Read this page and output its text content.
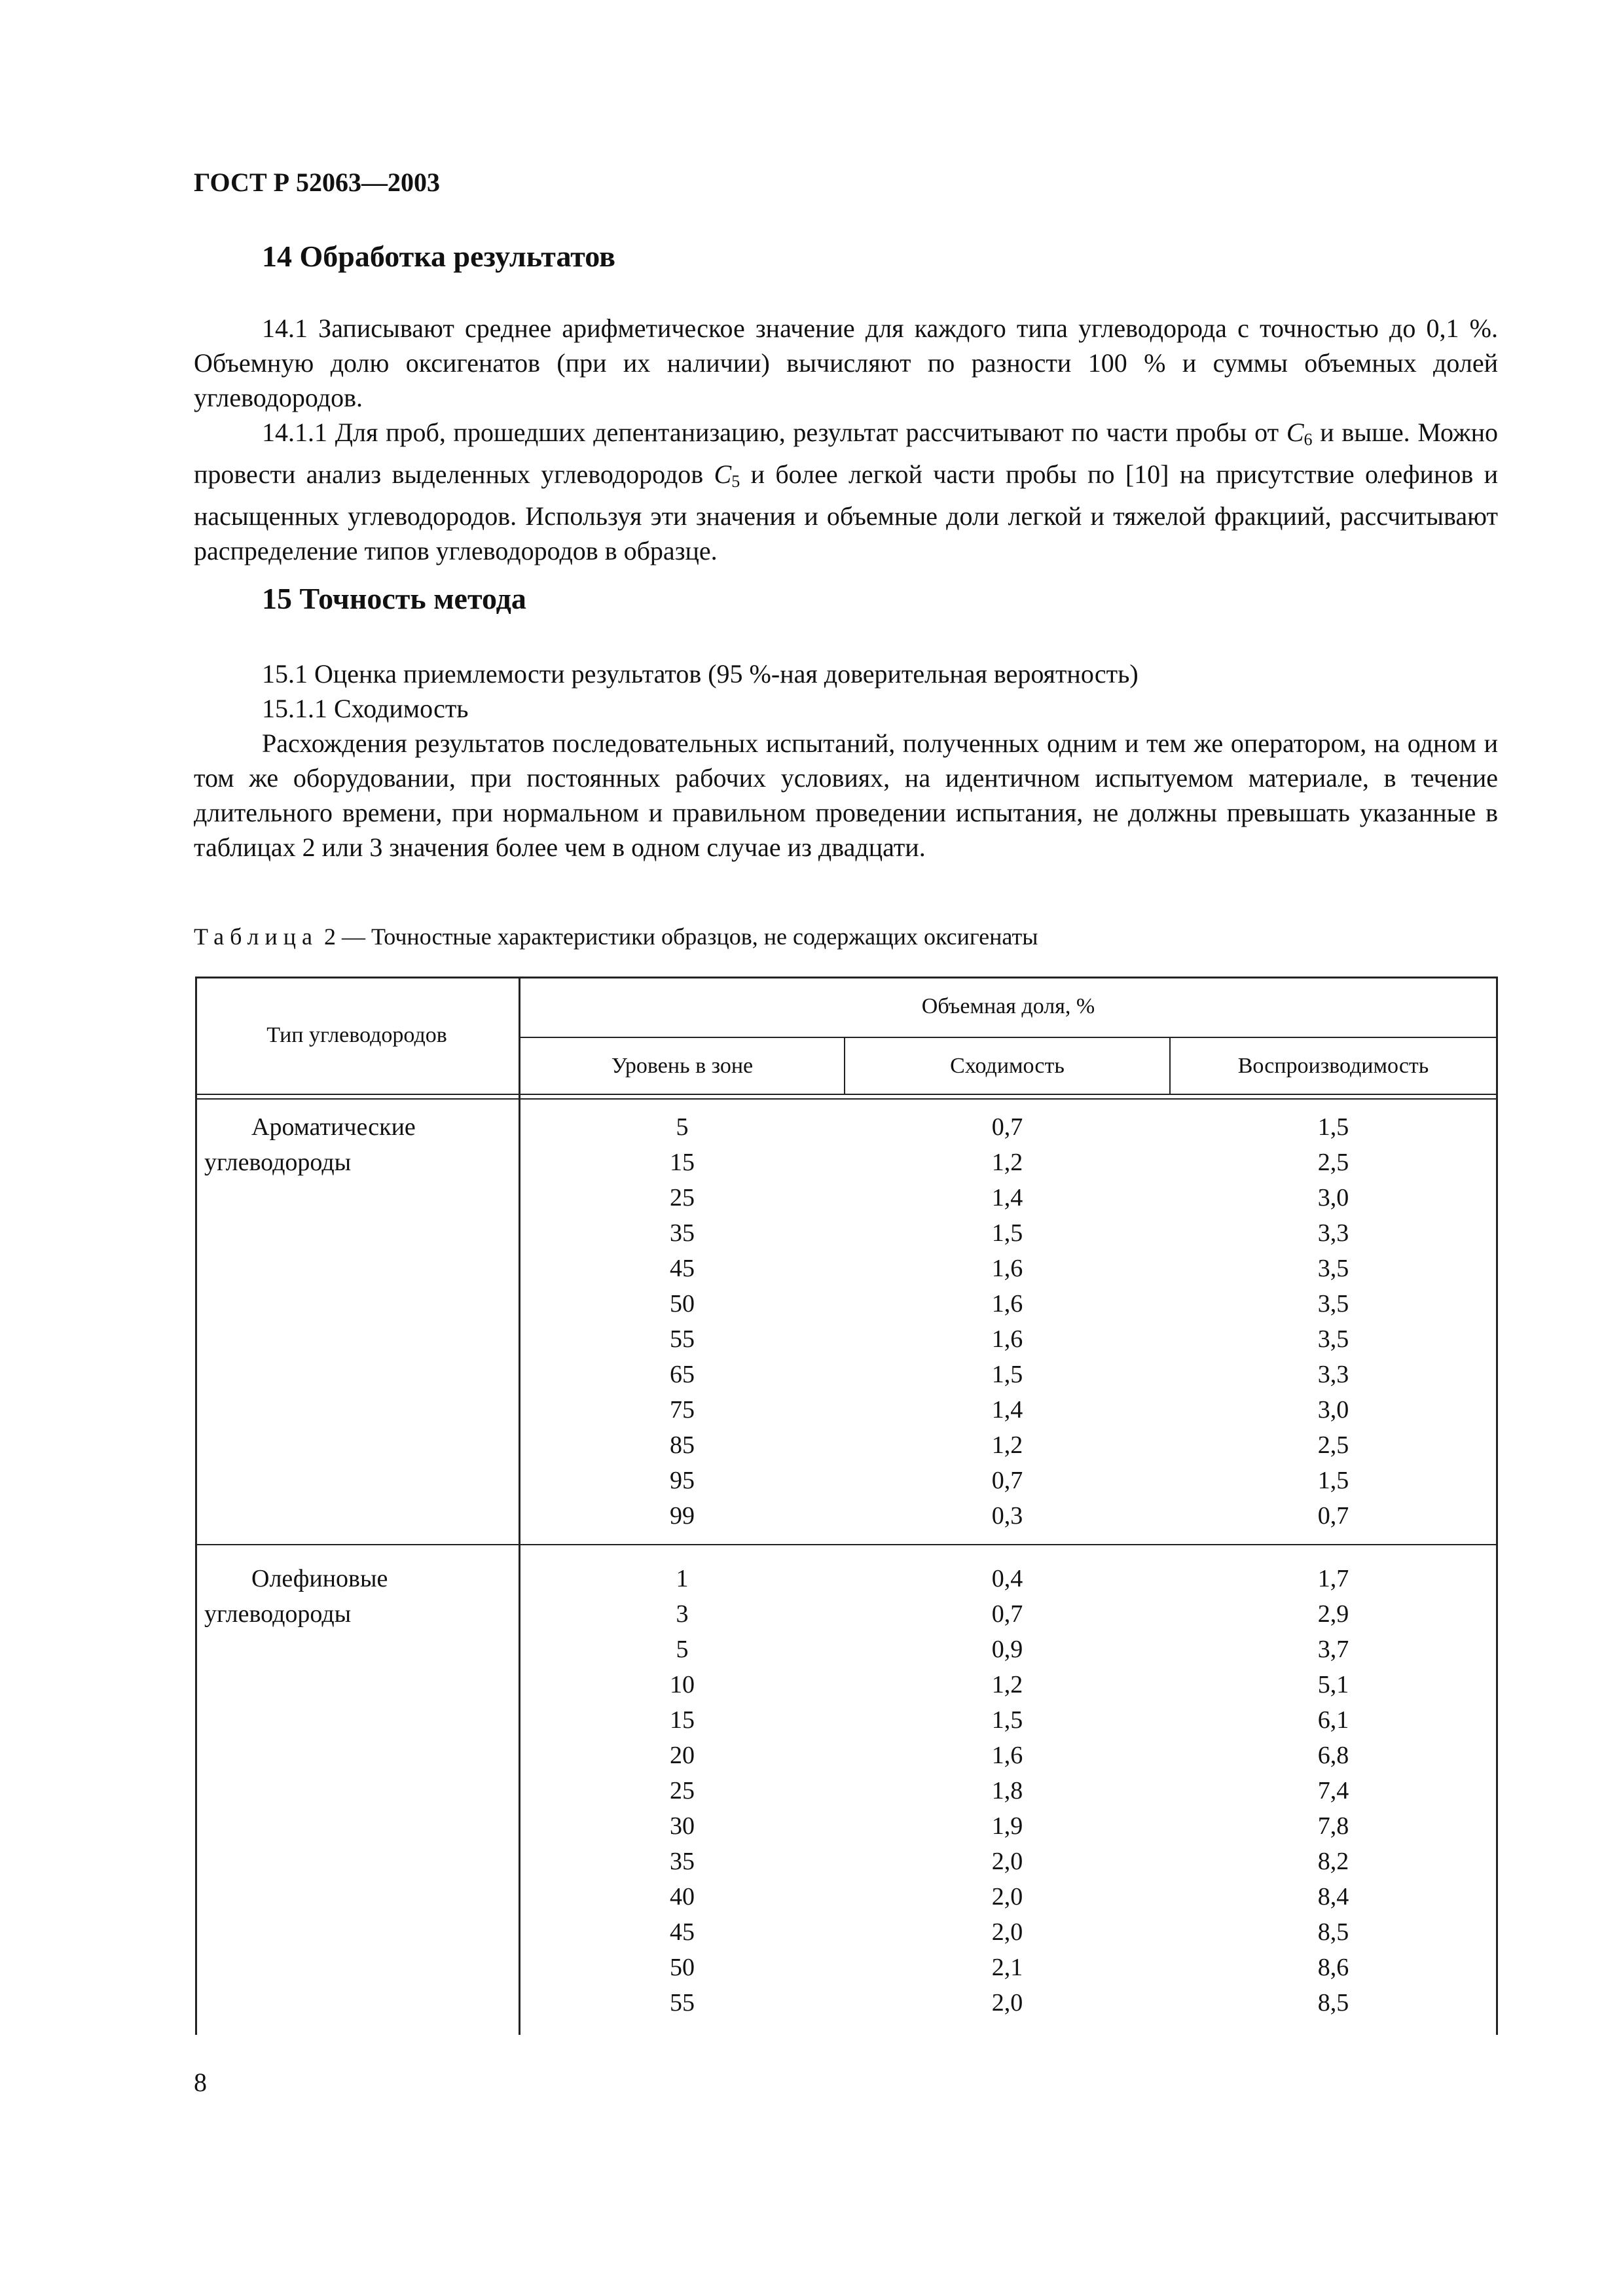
ГОСТ Р 52063—2003
14 Обработка результатов

14.1 Записывают среднее арифметическое значение для каждого типа углеводорода с точностью до 0,1 %. Объемную долю оксигенатов (при их наличии) вычисляют по разности 100 % и суммы объемных долей углеводородов.

14.1.1 Для проб, прошедших депентанизацию, результат рассчитывают по части пробы от $C_6$ и выше. Можно провести анализ выделенных углеводородов $C_5$ и более легкой части пробы по [10] на присутствие олефинов и насыщенных углеводородов. Используя эти значения и объемные доли легкой и тяжелой фракциий, рассчитывают распределение типов углеводородов в образце.

15 Точность метода
15.1 Оценка приемлемости результатов (95 %-ная доверительная вероятность)
15.1.1 Сходимость

Расхождения результатов последовательных испытаний, полученных одним и тем же оператором, на одном и том же оборудовании, при постоянных рабочих условиях, на идентичном испытуемом материале, в течение длительного времени, при нормальном и правильном проведении испытания, не должны превышать указанные в таблицах 2 или 3 значения более чем в одном случае из двадцати.

Таблица 2 — Точностные характеристики образцов, не содержащих оксигенаты
Тип углеводородов
Объемная доля, %
Уровень в зоне	Сходимость	Воспроизводимость
Ароматические
углеводороды
5
15
25
35
45
50
55
65
75
85
95
99
0,7
1,2
1,4
1,5
1,6
1,6
1,6
1,5
1,4
1,2
0,7
0,3
1,5
2,5
3,0
3,3
3,5
3,5
3,5
3,3
3,0
2,5
1,5
0,7
Олефиновые
углеводороды
1
3
5
10
15
20
25
30
35
40
45
50
55
0,4
0,7
0,9
1,2
1,5
1,6
1,8
1,9
2,0
2,0
2,0
2,1
2,0
1,7
2,9
3,7
5,1
6,1
6,8
7,4
7,8
8,2
8,4
8,5
8,6
8,5
8
